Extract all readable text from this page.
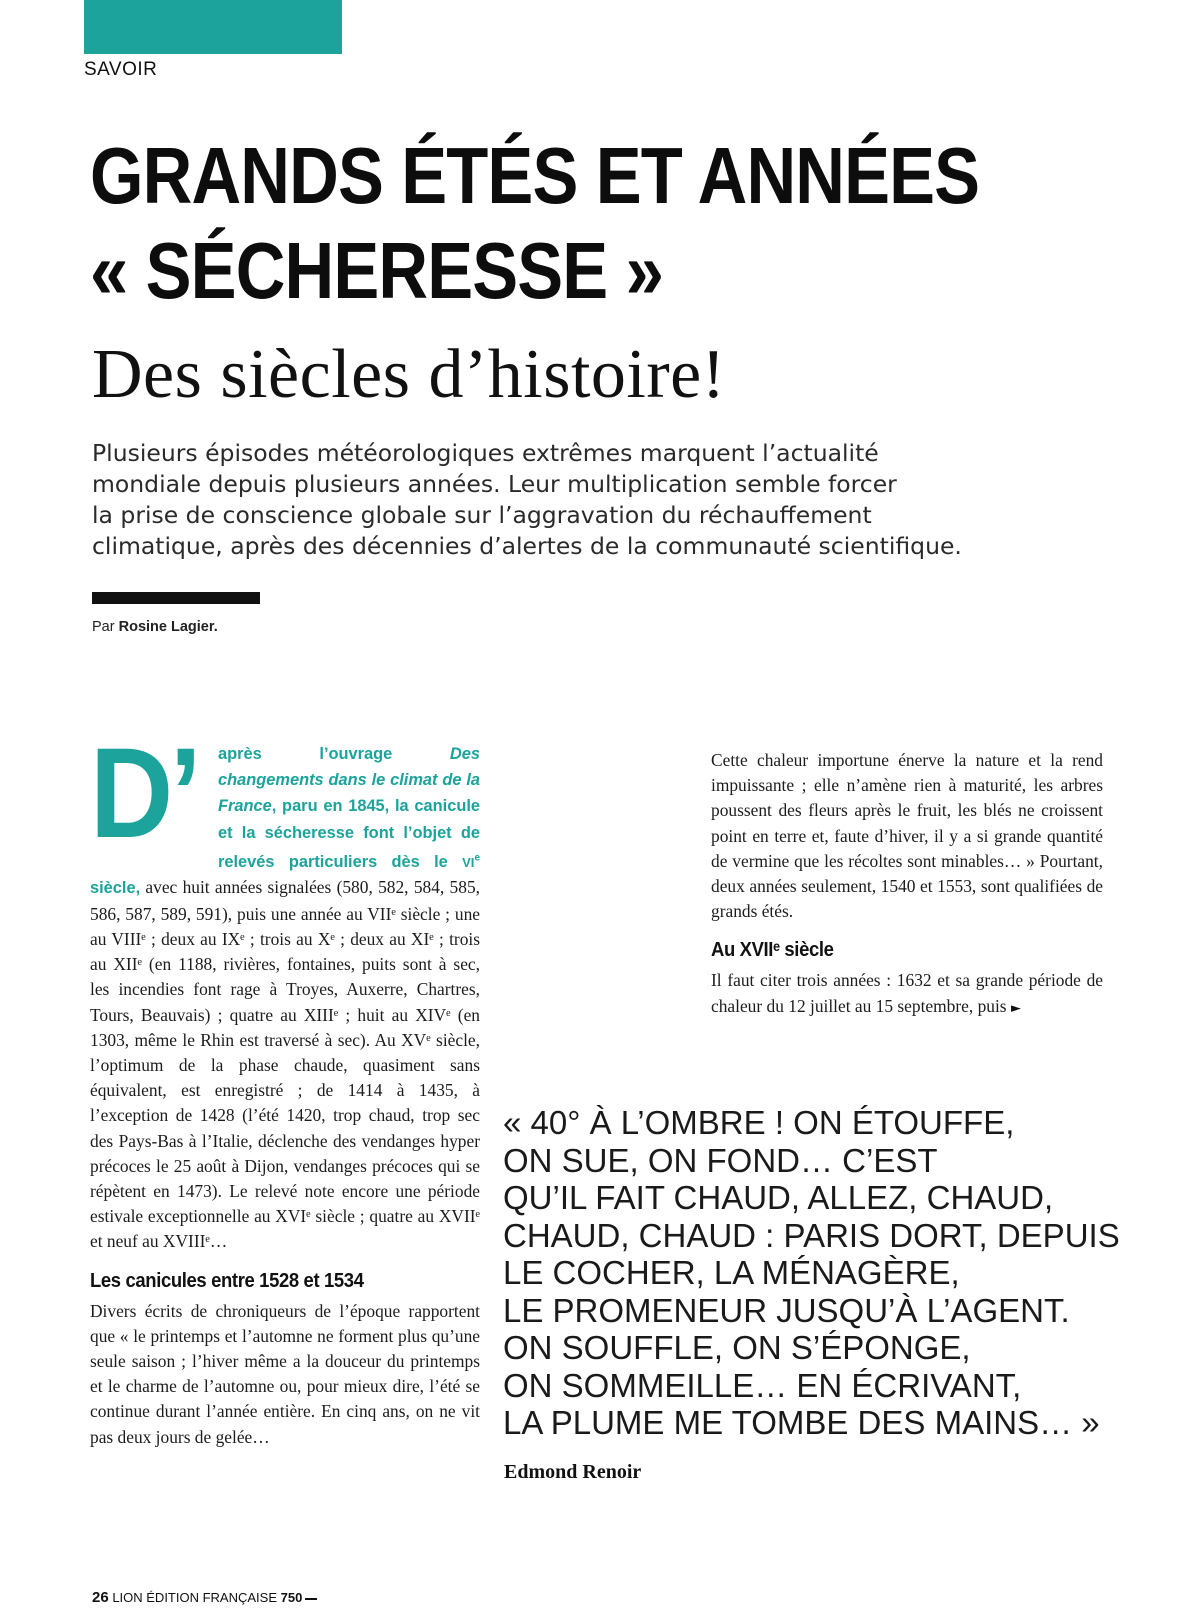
SAVOIR
GRANDS ÉTÉS ET ANNÉES
« SÉCHERESSE »
Des siècles d’histoire!
Plusieurs épisodes météorologiques extrêmes marquent l’actualité
mondiale depuis plusieurs années. Leur multiplication semble forcer
la prise de conscience globale sur l’aggravation du réchauffement
climatique, après des décennies d’alertes de la communauté scientifique.
Par Rosine Lagier.
D’	après l’ouvrage Des changements dans le climat de la France, paru en 1845, la canicule et la sécheresse font l’objet de relevés particuliers dès le VIe siècle, avec huit années signalées (580, 582, 584, 585, 586, 587, 589, 591), puis une année au VIIᵉ siècle ; une au VIIIᵉ ; deux au IXᵉ ; trois au Xᵉ ; deux au XIᵉ ; trois au XIIᵉ (en 1188, rivières, fontaines, puits sont à sec, les incendies font rage à Troyes, Auxerre, Chartres, Tours, Beauvais) ; quatre au XIIIᵉ ; huit au XIVᵉ (en 1303, même le Rhin est traversé à sec). Au XVᵉ siècle, l’optimum de la phase chaude, quasiment sans équivalent, est enregistré ; de 1414 à 1435, à l’exception de 1428 (l’été 1420, trop chaud, trop sec des Pays-Bas à l’Italie, déclenche des vendanges hyper précoces le 25 août à Dijon, vendanges précoces qui se répètent en 1473). Le relevé note encore une période estivale exceptionnelle au XVIᵉ siècle ; quatre au XVIIᵉ et neuf au XVIIIᵉ…

Les canicules entre 1528 et 1534

Divers écrits de chroniqueurs de l’époque rapportent que « le printemps et l’automne ne forment plus qu’une seule saison ; l’hiver même a la douceur du printemps et le charme de l’automne ou, pour mieux dire, l’été se continue durant l’année entière. En cinq ans, on ne vit pas deux jours de gelée…

Cette chaleur importune énerve la nature et la rend impuissante ; elle n’amène rien à maturité, les arbres poussent des fleurs après le fruit, les blés ne croissent point en terre et, faute d’hiver, il y a si grande quantité de vermine que les récoltes sont minables… » Pourtant, deux années seulement, 1540 et 1553, sont qualifiées de grands étés.

Au XVIIᵉ siècle

Il faut citer trois années : 1632 et sa grande période de chaleur du 12 juillet au 15 septembre, puis ►

« 40° À L’OMBRE ! ON ÉTOUFFE,
ON SUE, ON FOND… C’EST
QU’IL FAIT CHAUD, ALLEZ, CHAUD,
CHAUD, CHAUD : PARIS DORT, DEPUIS
LE COCHER, LA MÉNAGÈRE,
LE PROMENEUR JUSQU’À L’AGENT.
ON SOUFFLE, ON S’ÉPONGE,
ON SOMMEILLE… EN ÉCRIVANT,
LA PLUME ME TOMBE DES MAINS… »
Edmond Renoir
26 LION ÉDITION FRANÇAISE 750
